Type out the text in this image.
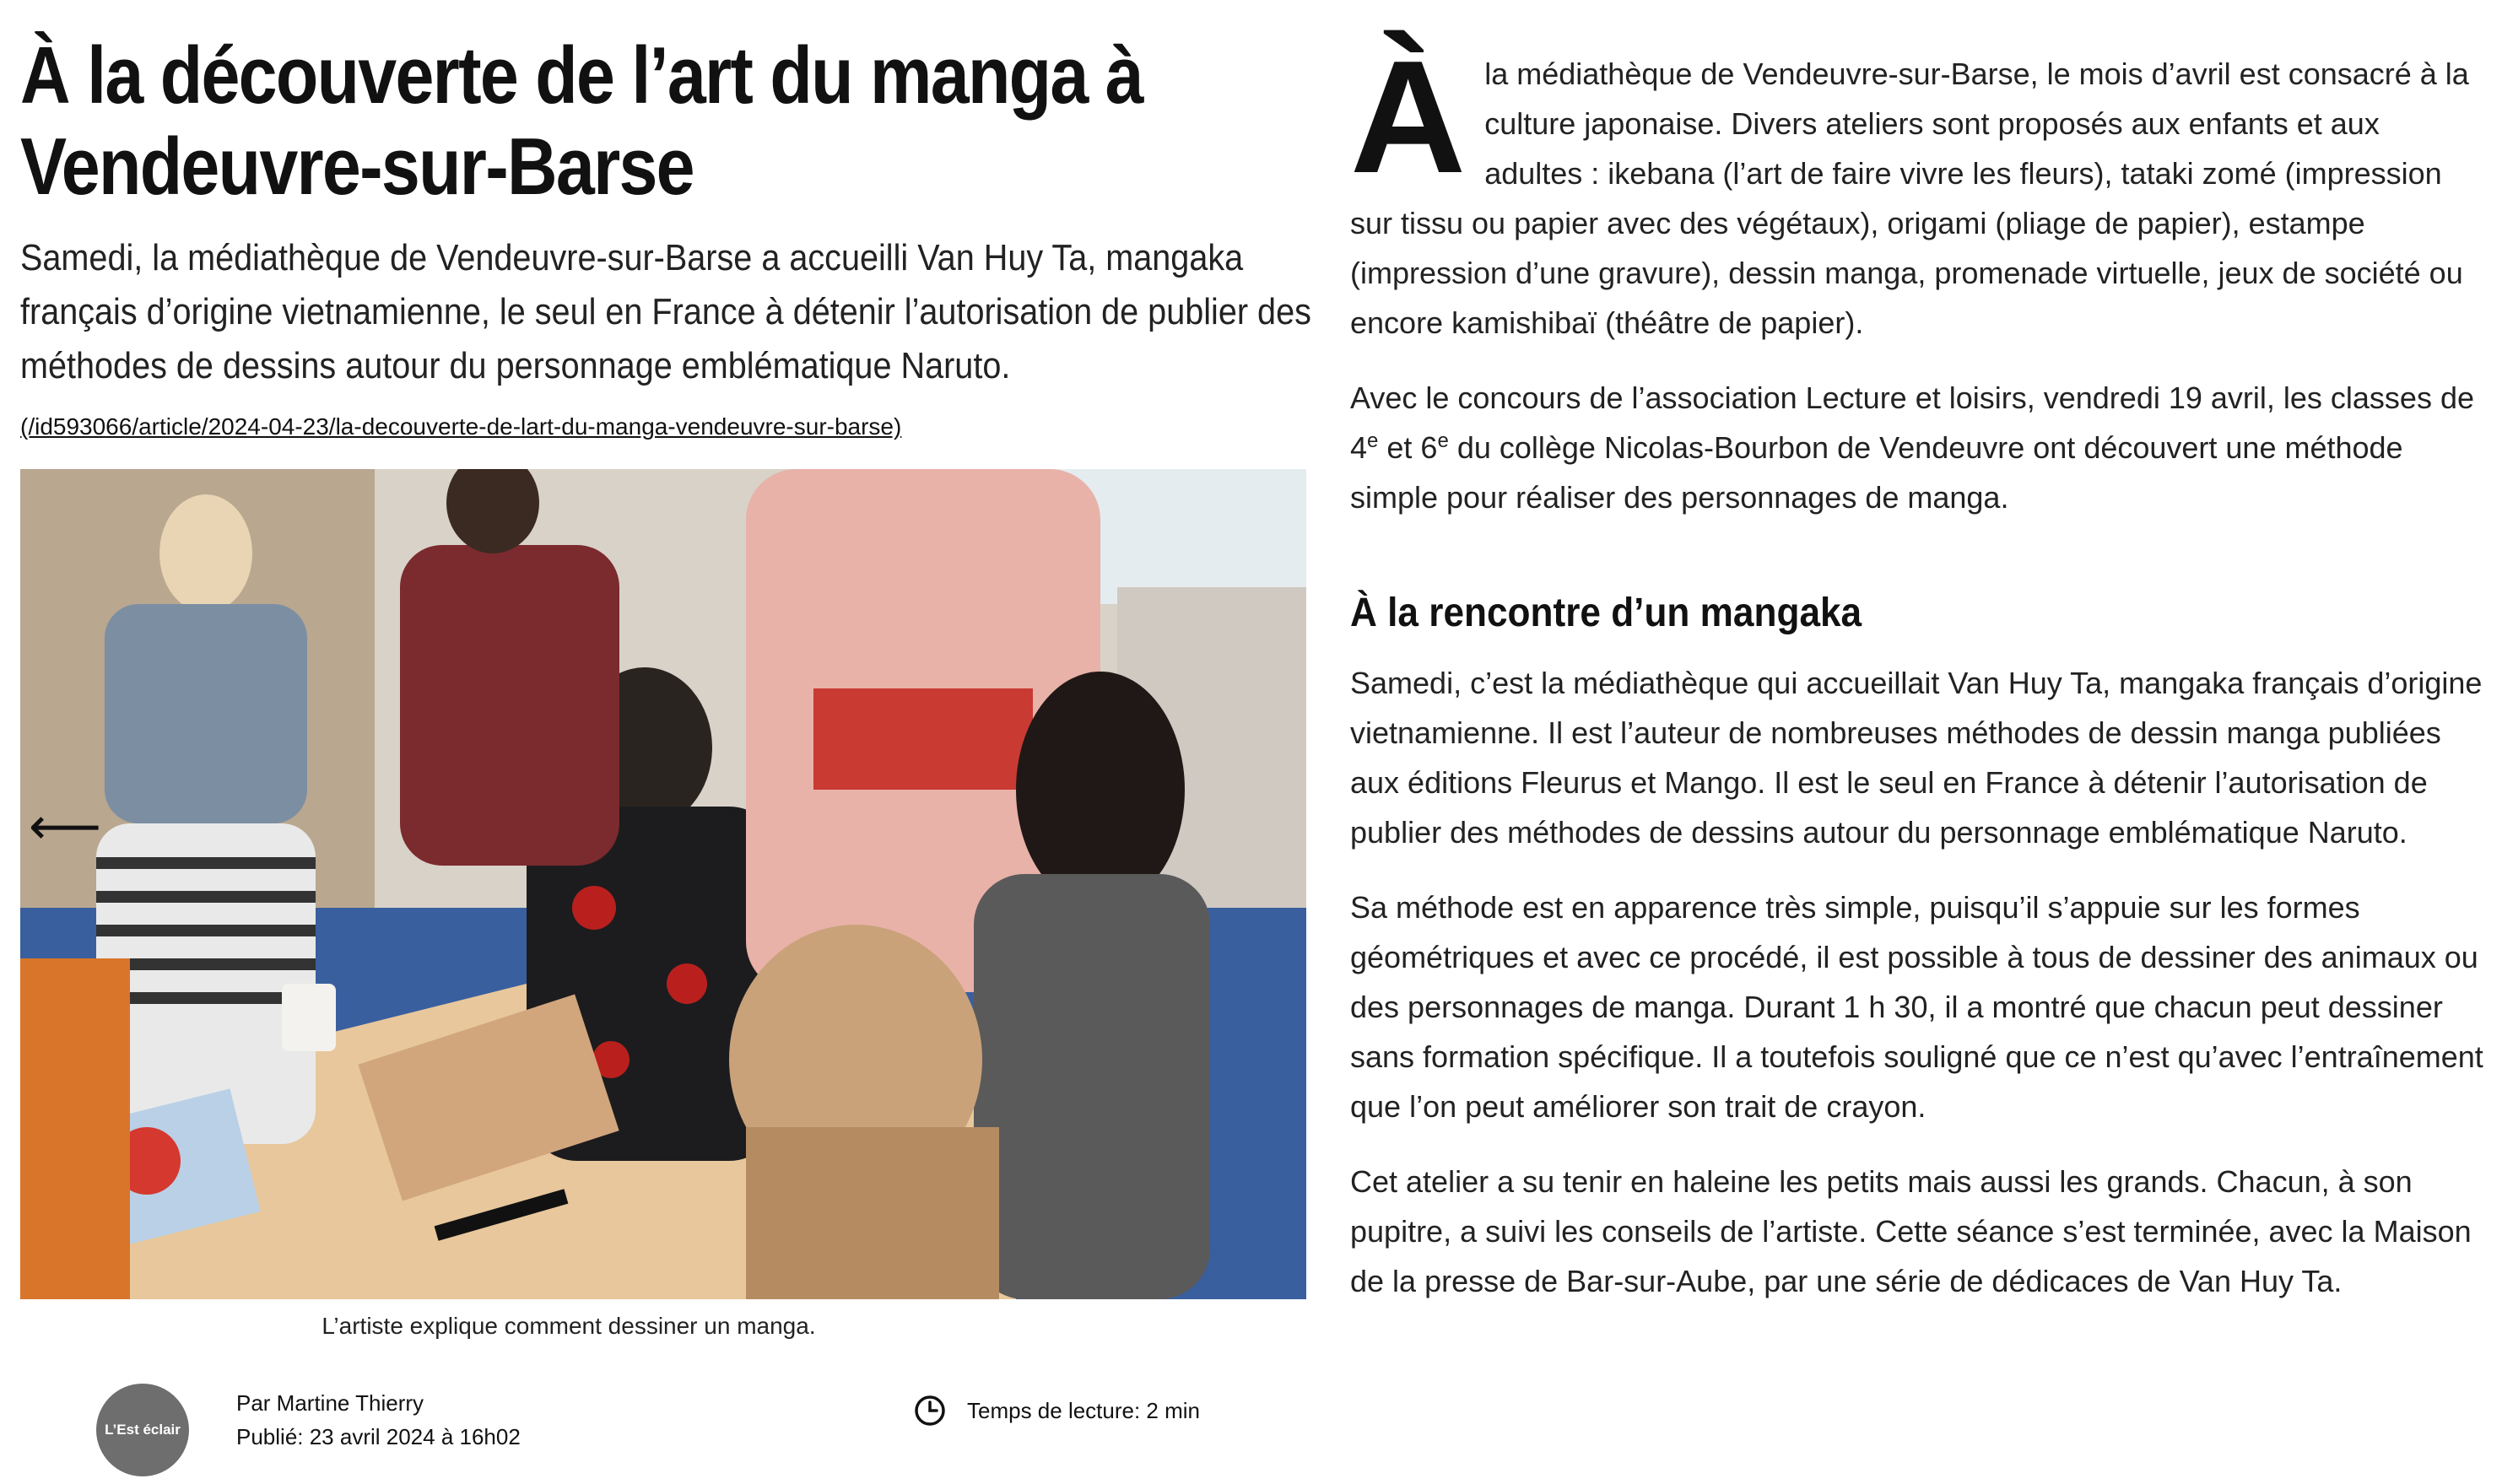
À la découverte de l’art du manga à Vendeuvre-sur-Barse

Samedi, la médiathèque de Vendeuvre-sur-Barse a accueilli Van Huy Ta, mangaka français d’origine vietnamienne, le seul en France à détenir l’autorisation de publier des méthodes de dessins autour du personnage emblématique Naruto.

(/id593066/article/2024-04-23/la-decouverte-de-lart-du-manga-vendeuvre-sur-barse)
⟵
L’artiste explique comment dessiner un manga.
L’Est éclair
Par Martine Thierry
Publié: 23 avril 2024 à 16h02
Temps de lecture: 2 min

À la médiathèque de Vendeuvre-sur-Barse, le mois d’avril est consacré à la culture japonaise. Divers ateliers sont proposés aux enfants et aux adultes : ikebana (l’art de faire vivre les fleurs), tataki zomé (impression sur tissu ou papier avec des végétaux), origami (pliage de papier), estampe (impression d’une gravure), dessin manga, promenade virtuelle, jeux de société ou encore kamishibaï (théâtre de papier).

Avec le concours de l’association Lecture et loisirs, vendredi 19 avril, les classes de 4e et 6e du collège Nicolas-Bourbon de Vendeuvre ont découvert une méthode simple pour réaliser des personnages de manga.

À la rencontre d’un mangaka

Samedi, c’est la médiathèque qui accueillait Van Huy Ta, mangaka français d’origine vietnamienne. Il est l’auteur de nombreuses méthodes de dessin manga publiées aux éditions Fleurus et Mango. Il est le seul en France à détenir l’autorisation de publier des méthodes de dessins autour du personnage emblématique Naruto.

Sa méthode est en apparence très simple, puisqu’il s’appuie sur les formes géométriques et avec ce procédé, il est possible à tous de dessiner des animaux ou des personnages de manga. Durant 1 h 30, il a montré que chacun peut dessiner sans formation spécifique. Il a toutefois souligné que ce n’est qu’avec l’entraînement que l’on peut améliorer son trait de crayon.

Cet atelier a su tenir en haleine les petits mais aussi les grands. Chacun, à son pupitre, a suivi les conseils de l’artiste. Cette séance s’est terminée, avec la Maison de la presse de Bar-sur-Aube, par une série de dédicaces de Van Huy Ta.
